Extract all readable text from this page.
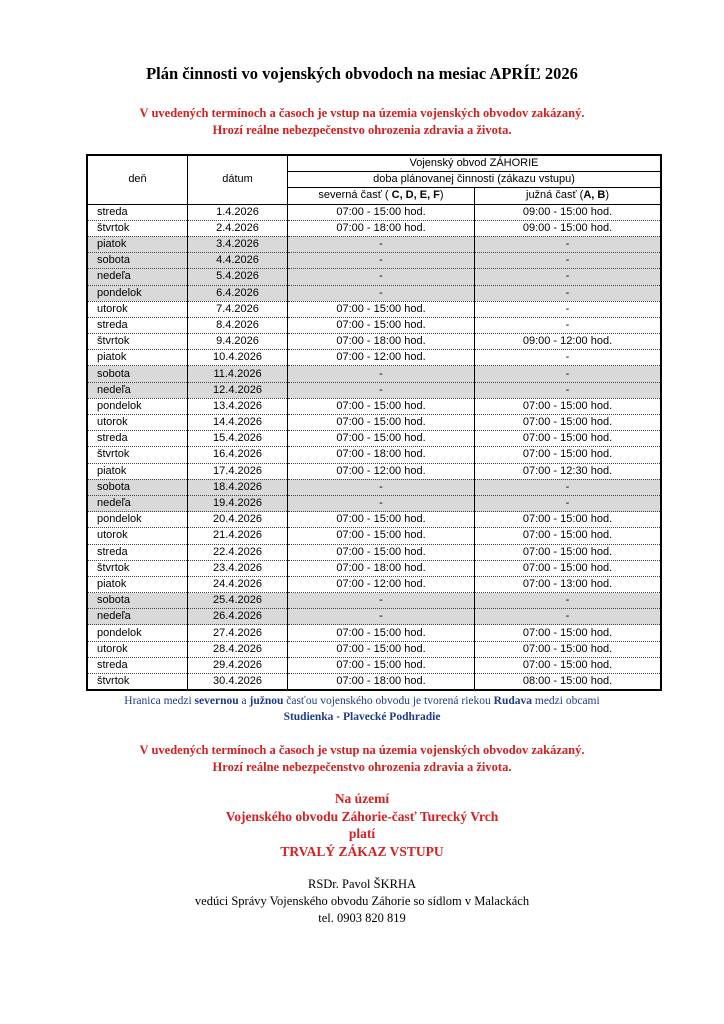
Plán činnosti vo vojenských obvodoch na mesiac APRÍĽ 2026
V uvedených termínoch a časoch je vstup na územia vojenských obvodov zakázaný.
Hrozí reálne nebezpečenstvo ohrozenia zdravia a života.
deň	dátum	Vojenský obvod ZÁHORIE	
		doba plánovanej činnosti (zákazu vstupu)	
		severná časť ( C, D, E, F)	južná časť (A, B)
streda	1.4.2026	07:00 - 15:00 hod.	09:00 - 15:00 hod.
štvrtok	2.4.2026	07:00 - 18:00 hod.	09:00 - 15:00 hod.
piatok	3.4.2026	-	-
sobota	4.4.2026	-	-
nedeľa	5.4.2026	-	-
pondelok	6.4.2026	-	-
utorok	7.4.2026	07:00 - 15:00 hod.	-
streda	8.4.2026	07:00 - 15:00 hod.	-
štvrtok	9.4.2026	07:00 - 18:00 hod.	09:00 - 12:00 hod.
piatok	10.4.2026	07:00 - 12:00 hod.	-
sobota	11.4.2026	-	-
nedeľa	12.4.2026	-	-
pondelok	13.4.2026	07:00 - 15:00 hod.	07:00 - 15:00 hod.
utorok	14.4.2026	07:00 - 15:00 hod.	07:00 - 15:00 hod.
streda	15.4.2026	07:00 - 15:00 hod.	07:00 - 15:00 hod.
štvrtok	16.4.2026	07:00 - 18:00 hod.	07:00 - 15:00 hod.
piatok	17.4.2026	07:00 - 12:00 hod.	07:00 - 12:30 hod.
sobota	18.4.2026	-	-
nedeľa	19.4.2026	-	-
pondelok	20.4.2026	07:00 - 15:00 hod.	07:00 - 15:00 hod.
utorok	21.4.2026	07:00 - 15:00 hod.	07:00 - 15:00 hod.
streda	22.4.2026	07:00 - 15:00 hod.	07:00 - 15:00 hod.
štvrtok	23.4.2026	07:00 - 18:00 hod.	07:00 - 15:00 hod.
piatok	24.4.2026	07:00 - 12:00 hod.	07:00 - 13:00 hod.
sobota	25.4.2026	-	-
nedeľa	26.4.2026	-	-
pondelok	27.4.2026	07:00 - 15:00 hod.	07:00 - 15:00 hod.
utorok	28.4.2026	07:00 - 15:00 hod.	07:00 - 15:00 hod.
streda	29.4.2026	07:00 - 15:00 hod.	07:00 - 15:00 hod.
štvrtok	30.4.2026	07:00 - 18:00 hod.	08:00 - 15:00 hod.
Hranica medzi severnou a južnou časťou vojenského obvodu je tvorená riekou Rudava medzi obcami
Studienka - Plavecké Podhradie
V uvedených termínoch a časoch je vstup na územia vojenských obvodov zakázaný.
Hrozí reálne nebezpečenstvo ohrozenia zdravia a života.
Na území
Vojenského obvodu Záhorie-časť Turecký Vrch
platí
TRVALÝ ZÁKAZ VSTUPU
RSDr. Pavol ŠKRHA
vedúci Správy Vojenského obvodu Záhorie so sídlom v Malackách
tel. 0903 820 819
